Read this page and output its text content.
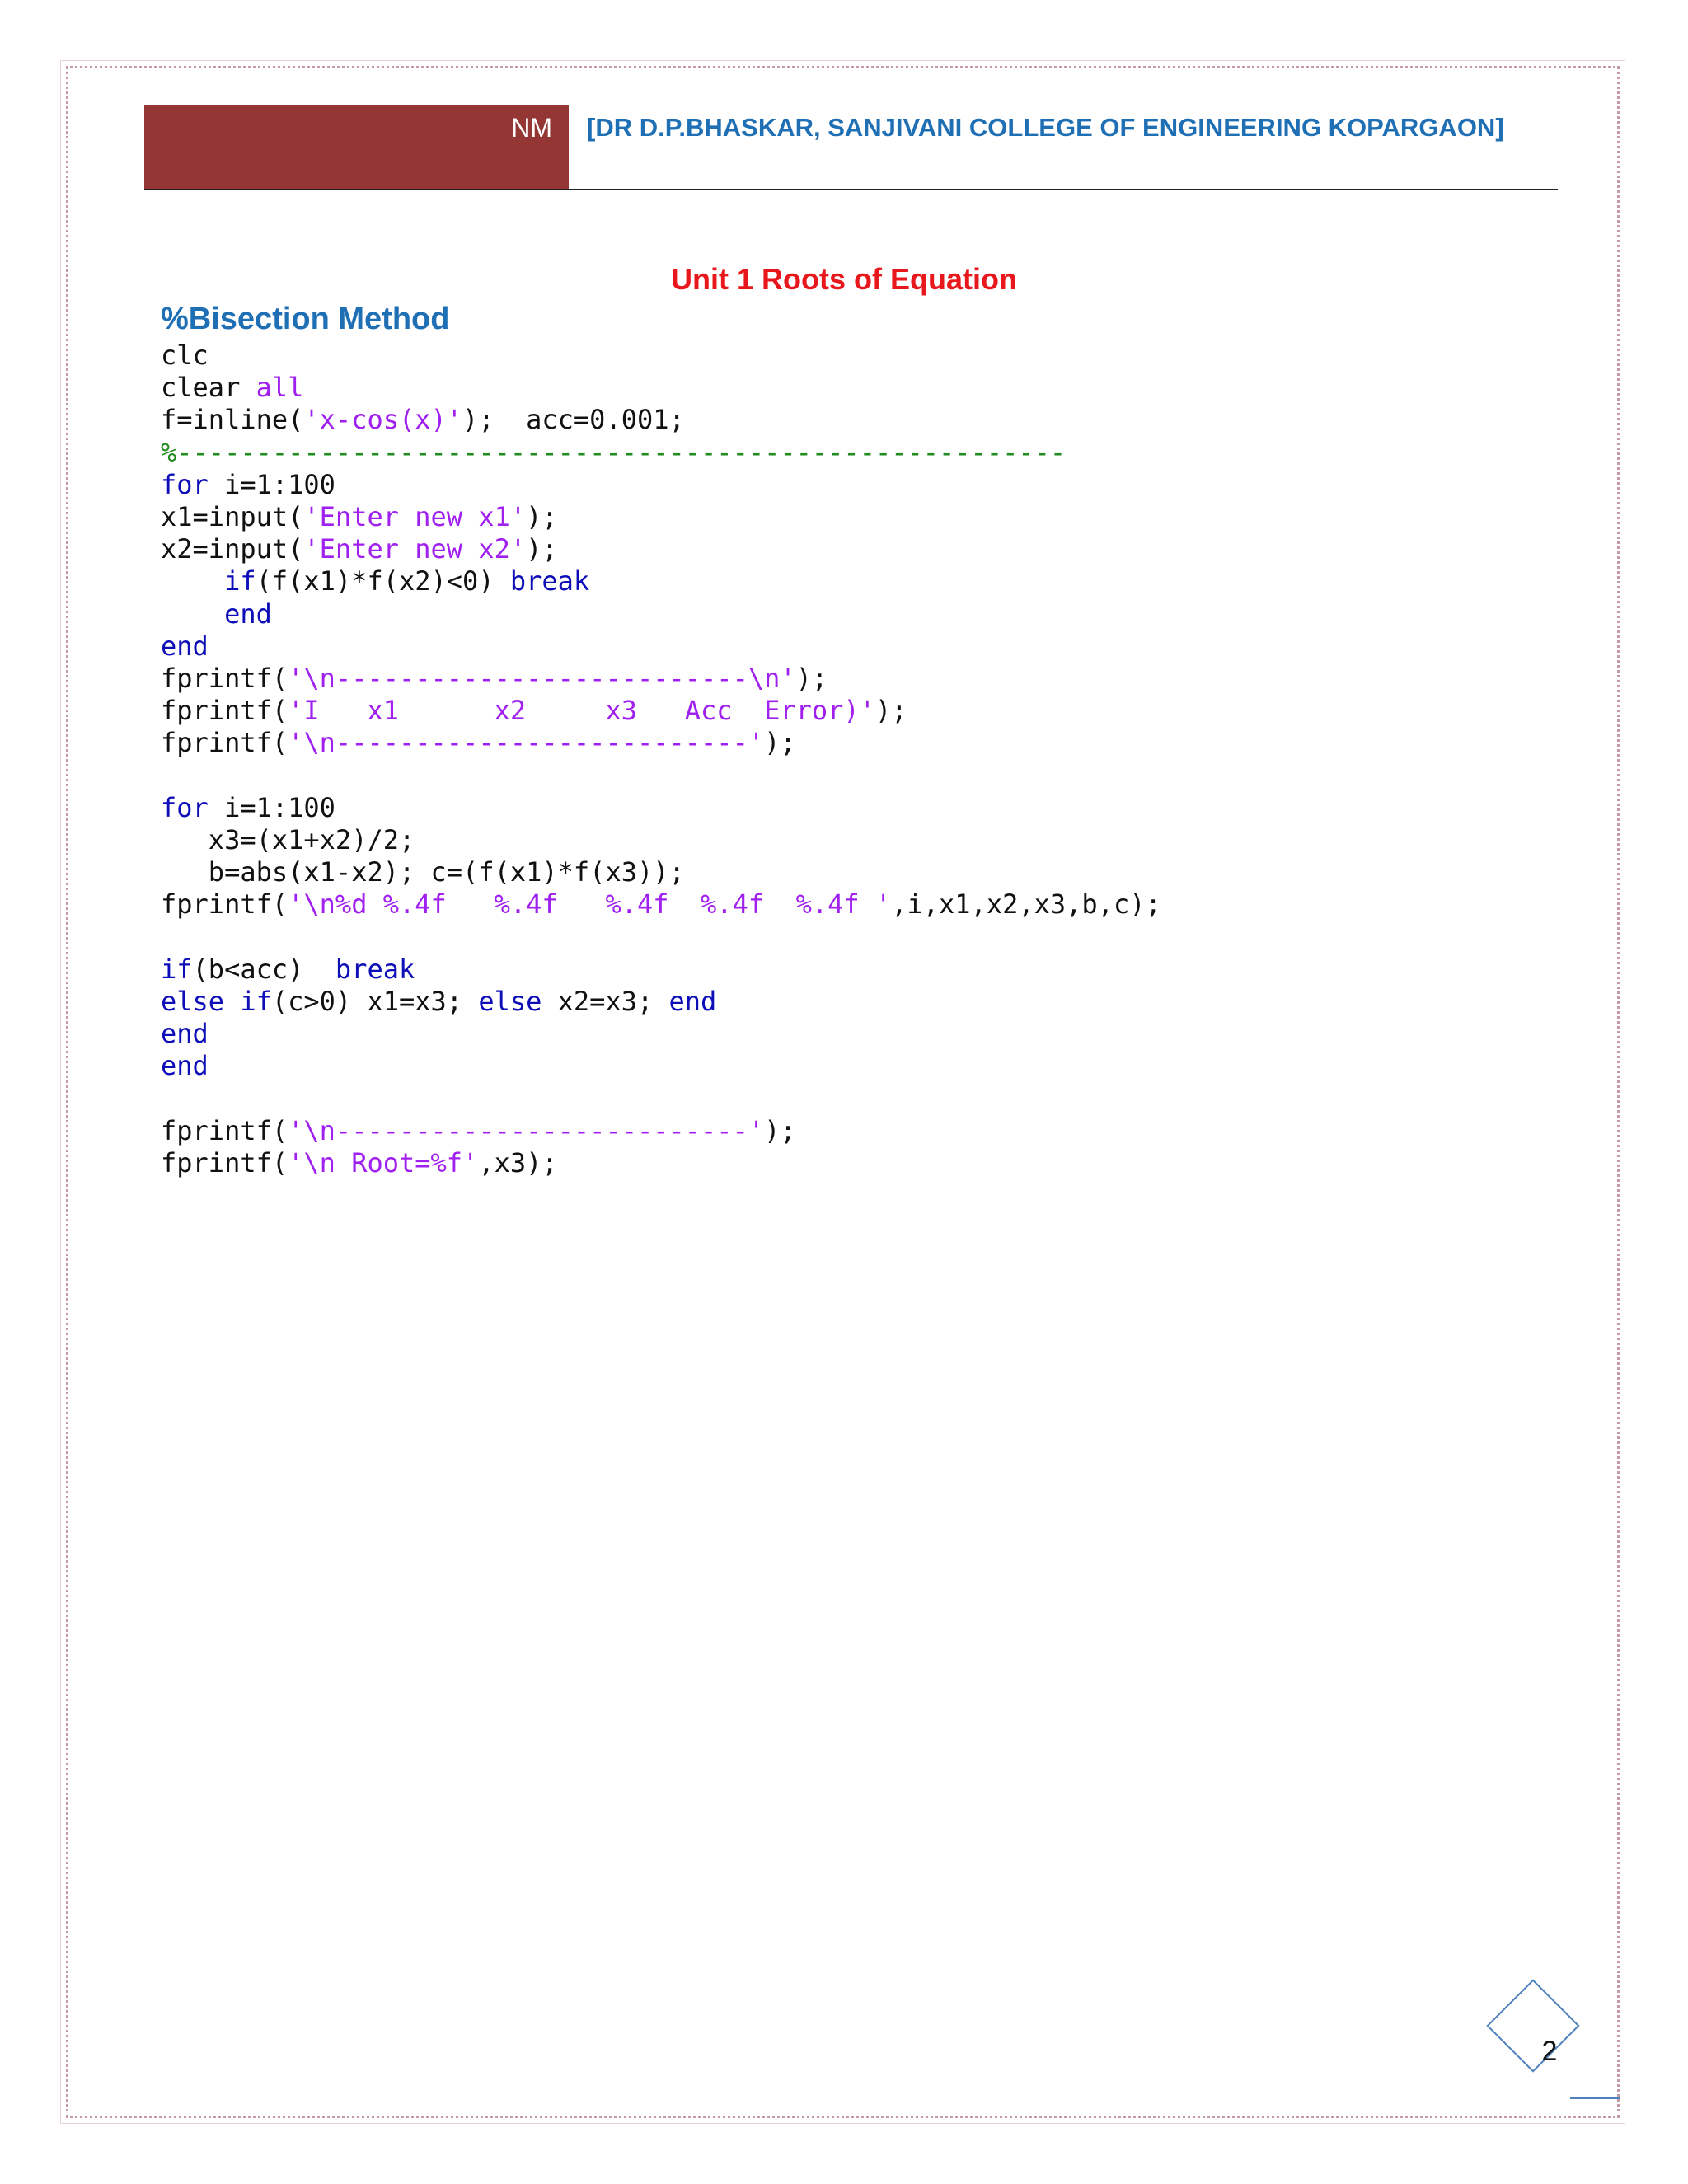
NM [DR D.P.BHASKAR, SANJIVANI COLLEGE OF ENGINEERING KOPARGAON]
Unit 1 Roots of Equation
%Bisection Method
clc
clear all
f=inline('x-cos(x)');  acc=0.001;
%--------------------------------------------------------
for i=1:100
x1=input('Enter new x1');
x2=input('Enter new x2');
if(f(x1)*f(x2)<0) break
end
end
fprintf('\n--------------------------\n');
fprintf('I   x1      x2     x3   Acc  Error)');
fprintf('\n--------------------------');

for i=1:100
x3=(x1+x2)/2;
b=abs(x1-x2); c=(f(x1)*f(x3));
fprintf('\n%d %.4f   %.4f   %.4f  %.4f  %.4f ',i,x1,x2,x3,b,c);

if(b<acc)  break
else if(c>0) x1=x3; else x2=x3; end
end
end

fprintf('\n--------------------------');
fprintf('\n Root=%f',x3);
2
